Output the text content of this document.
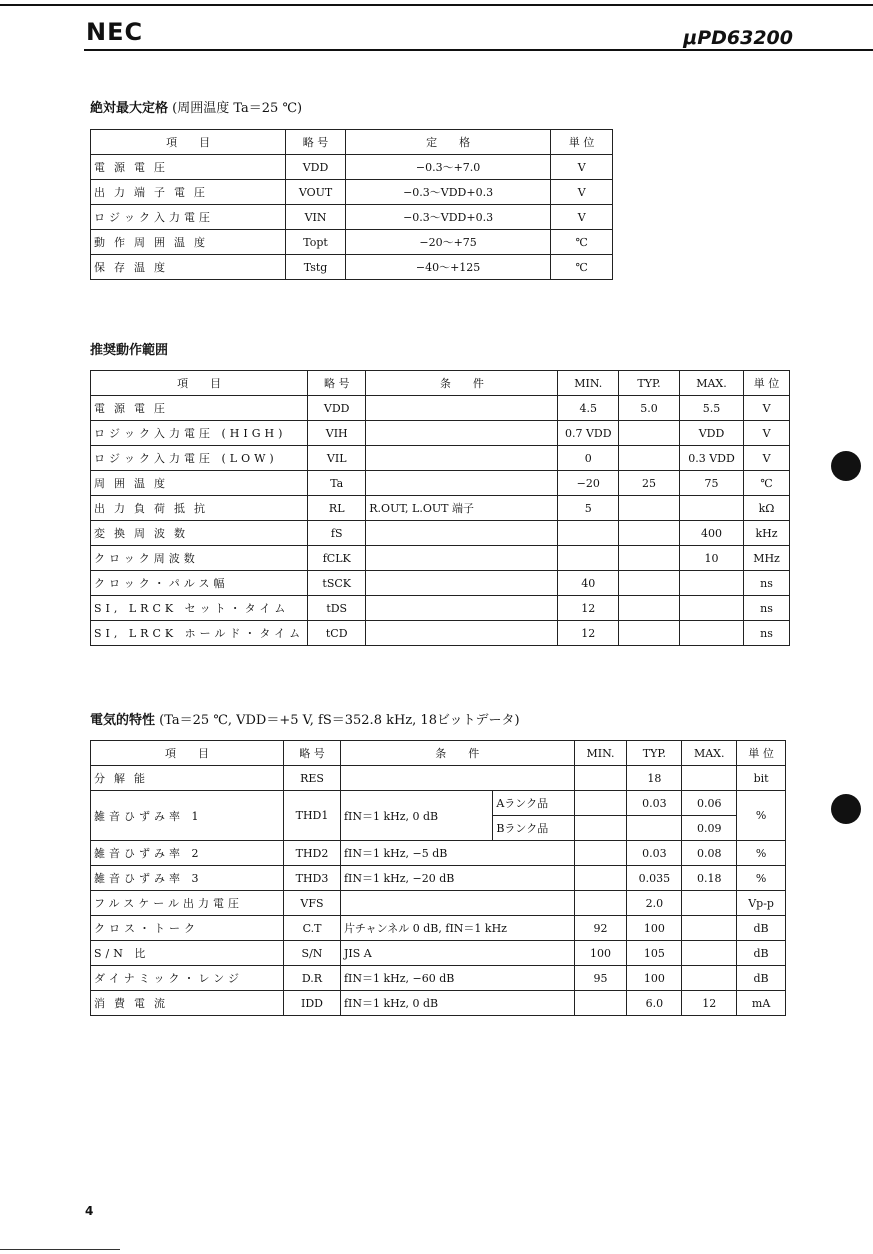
NEC	μPD63200
絶対最大定格 (周囲温度 Ta＝25 ℃)
項　　目	略 号	定　　格	単 位
電源電圧	VDD	−0.3〜+7.0	V
出力端子電圧	VOUT	−0.3〜VDD+0.3	V
ロジック入力電圧	VIN	−0.3〜VDD+0.3	V
動作周囲温度	Topt	−20〜+75	℃
保存温度	Tstg	−40〜+125	℃
推奨動作範囲
項　　目	略 号	条　　件	MIN.	TYP.	MAX.	単 位
電源電圧	VDD		4.5	5.0	5.5	V
ロジック入力電圧 (HIGH)	VIH		0.7 VDD		VDD	V
ロジック入力電圧 (LOW)	VIL		0		0.3 VDD	V
周囲温度	Ta		−20	25	75	℃
出力負荷抵抗	RL	R.OUT, L.OUT 端子	5			kΩ
変換周波数	fS				400	kHz
クロック周波数	fCLK				10	MHz
クロック・パルス幅	tSCK		40			ns
SI, LRCK セット・タイム	tDS		12			ns
SI, LRCK ホールド・タイム	tCD		12			ns
電気的特性 (Ta＝25 ℃, VDD＝+5 V, fS＝352.8 kHz, 18ビットデータ)
項　　目	略 号	条　　件		MIN.	TYP.	MAX.	単 位
分解能	RES				18		bit
雑音ひずみ率 1	THD1	fIN＝1 kHz, 0 dB	Aランク品		0.03	0.06	%
			Bランク品			0.09	
雑音ひずみ率 2	THD2	fIN＝1 kHz, −5 dB			0.03	0.08	%
雑音ひずみ率 3	THD3	fIN＝1 kHz, −20 dB			0.035	0.18	%
フルスケール出力電圧	VFS				2.0		Vp-p
クロス・トーク	C.T	片チャンネル 0 dB, fIN＝1 kHz		92	100		dB
S/N 比	S/N	JIS A		100	105		dB
ダイナミック・レンジ	D.R	fIN＝1 kHz, −60 dB		95	100		dB
消費電流	IDD	fIN＝1 kHz, 0 dB			6.0	12	mA
4
